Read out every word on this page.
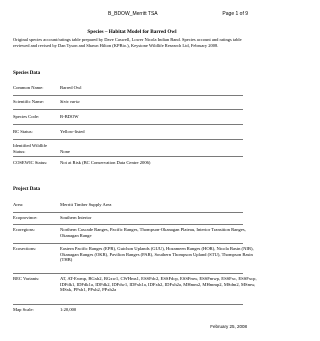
B_BDOW_Merritt TSA	Page 1 of 9
Species – Habitat Model for Barred Owl
Original species account/ratings table prepared by Dave Caswell, Lower Nicola Indian Band. Species account and ratings table reviewed and revised by Dan Tyson and Shawn Hilton (KPBio.), Keystone Wildlife Research Ltd, February 2008.
Species Data
Common Name:	Barred Owl
Scientific Name:	Strix varia
Species Code:	B-BDOW
BC Status:	Yellow-listed
Identified Wildlife Status:	None
COSEWIC Status:	Not at Risk (BC Conservation Data Centre 2006)
Project Data
Area:	Merritt Timber Supply Area
Ecoprovince:	Southern Interior
Ecoregions:	Northern Cascade Ranges, Pacific Ranges, Thompson-Okanagan Plateau, Interior Transition Ranges, Okanagan Range
Ecosections:	Eastern Pacific Ranges (EPR), Guichon Uplands (GUU), Hozameen Ranges (HOR), Nicola Basin (NIB), Okanagan Ranges (OKR), Pavilion Ranges (PAR), Southern Thompson Upland (STU), Thompson Basin (THB)
BEC Variants:	AT, AT-Ewmp, BGxh2, BGxw1, CWHms1, ESSFdc2, ESSFdcp, ESSFmw, ESSFmwp, ESSFxc, ESSFxcp, IDFdk1, IDFdk1a, IDFdk2, IDFdw1, IDFxh1a, IDFxh2, IDFxh2a, MHmm2, MHmmp2, MSdm2, MSmw, MSxk, PPxh1, PPxh2, PPxh2a
Map Scale:	1:20,000
February 25, 2008
